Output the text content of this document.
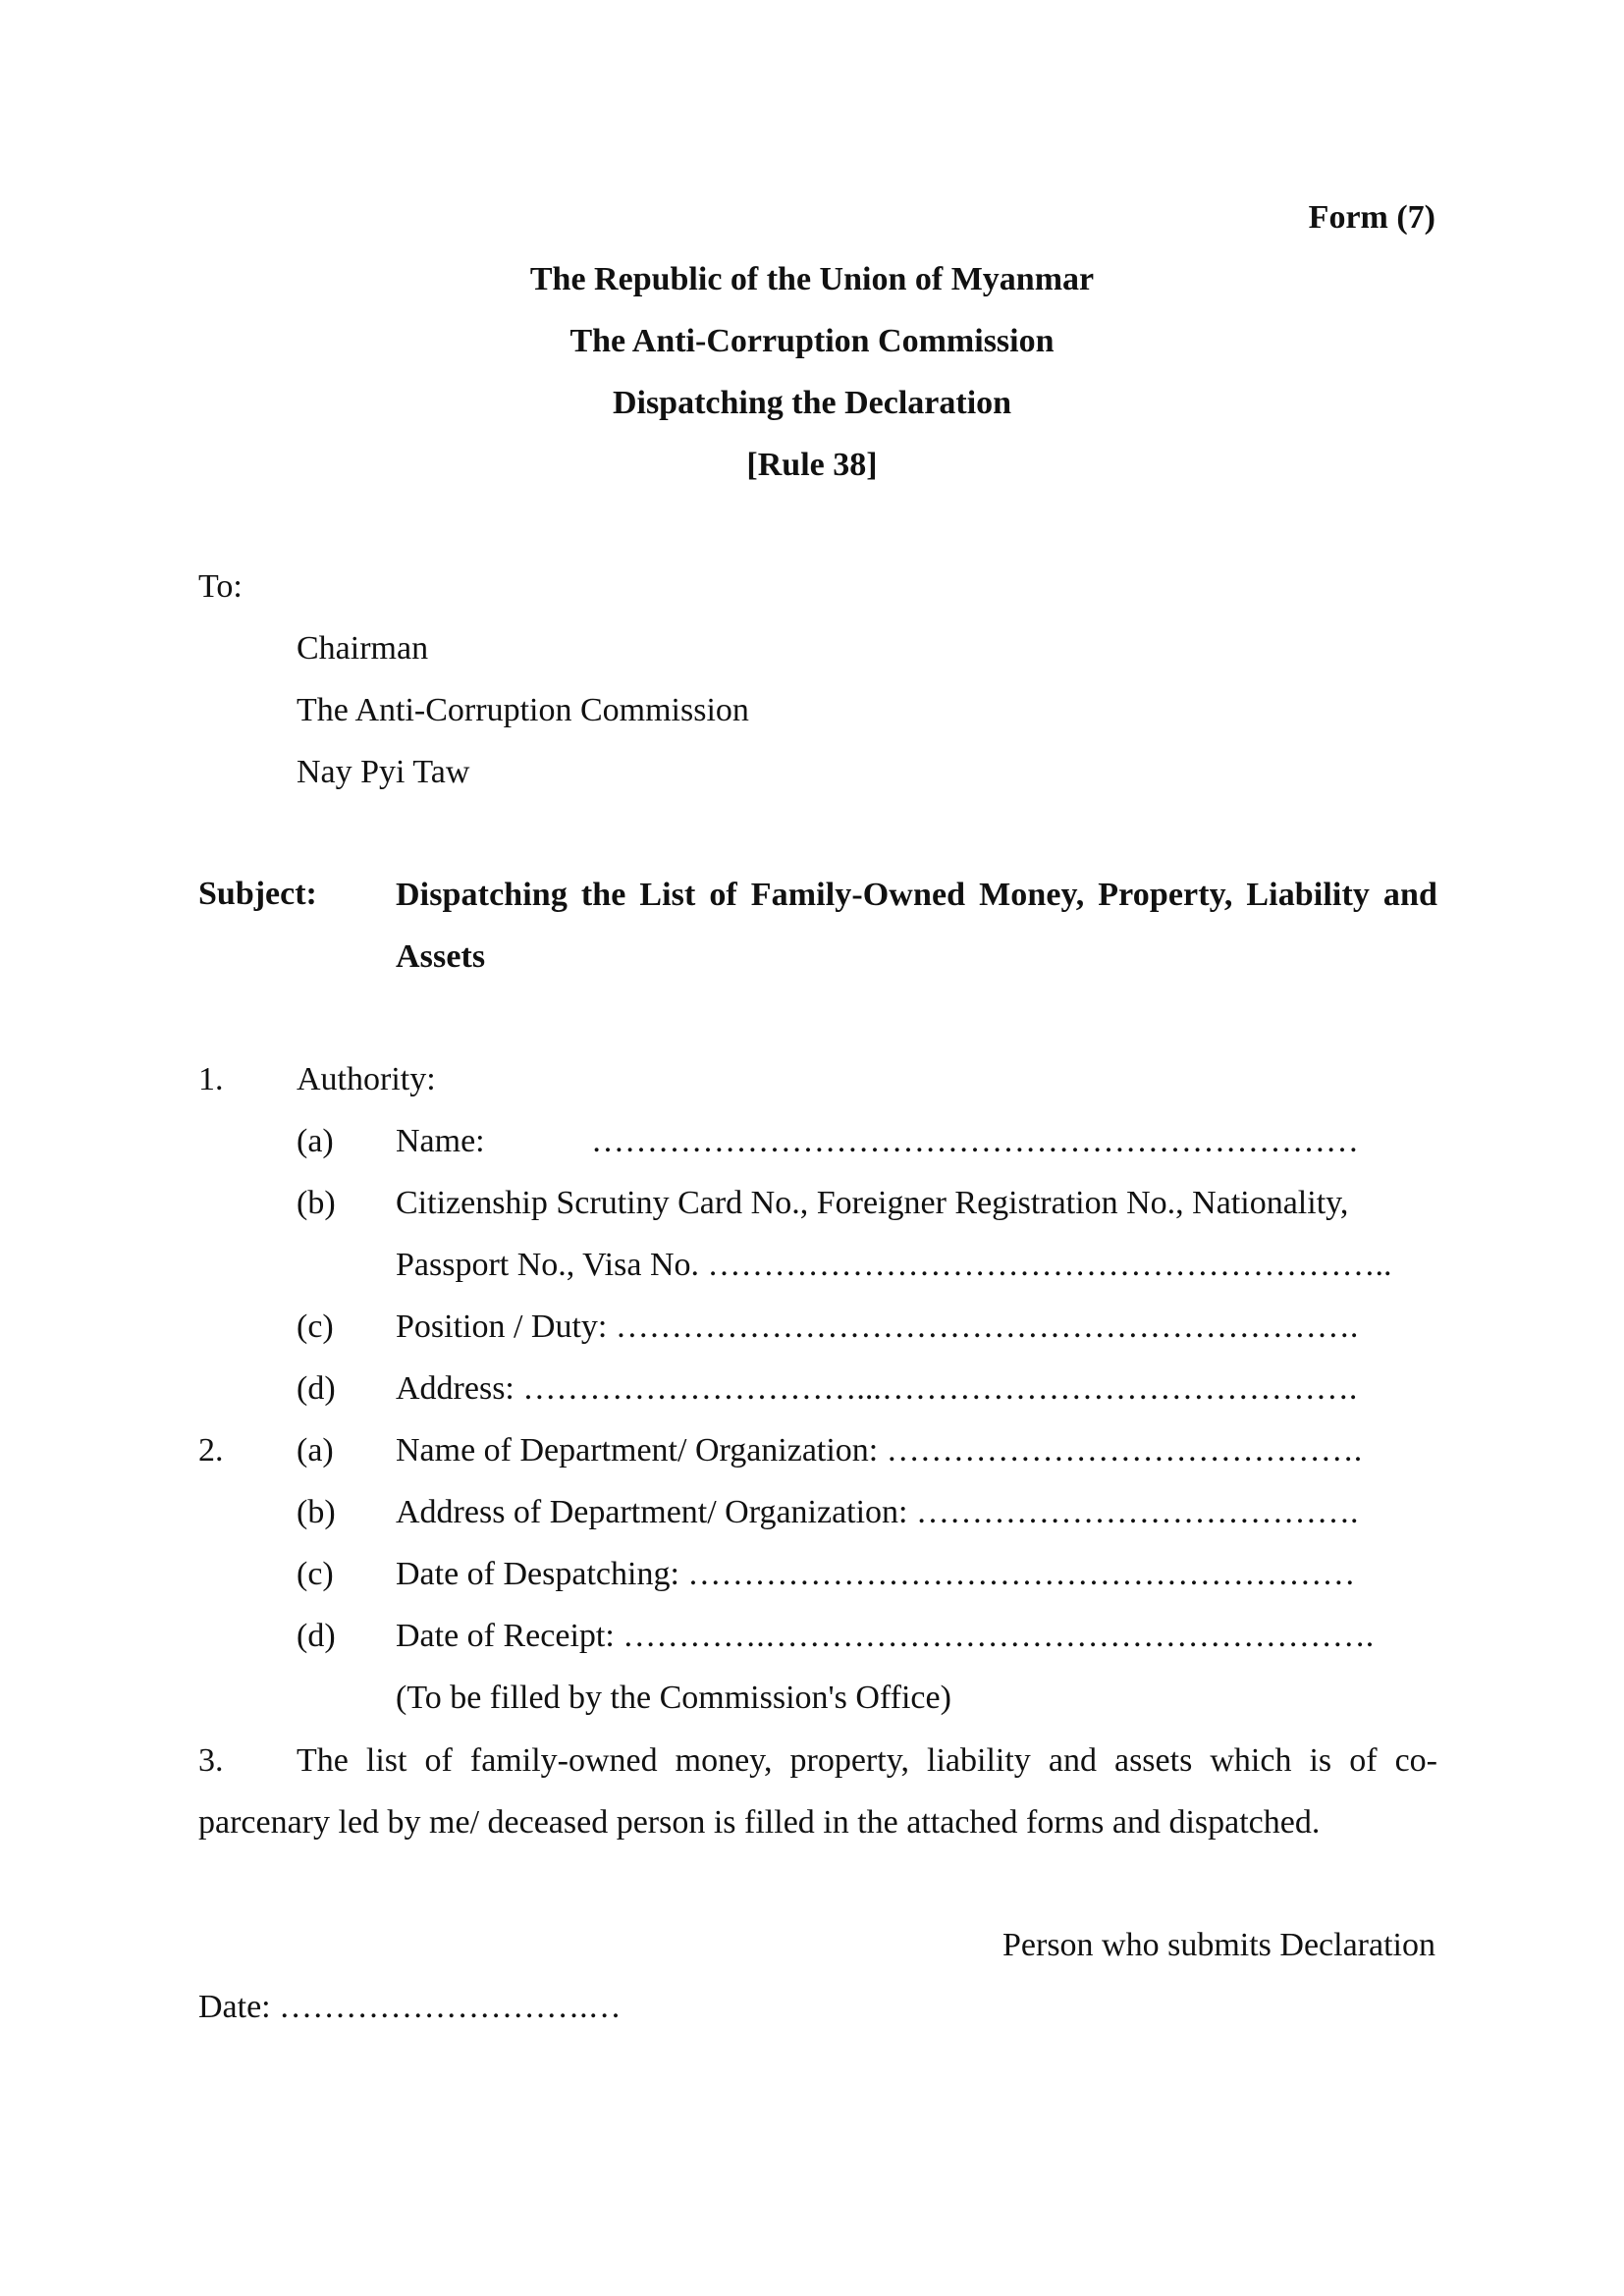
Form (7)
The Republic of the Union of Myanmar
The Anti-Corruption Commission
Dispatching the Declaration
[Rule 38]
To:
Chairman
The Anti-Corruption Commission
Nay Pyi Taw
Subject: Dispatching the List of Family-Owned Money, Property, Liability and Assets
1. Authority:
(a) Name:	……………………………………………………………
(b) Citizenship Scrutiny Card No., Foreigner Registration No., Nationality,
Passport No., Visa No. ……………………………………………………..
(c) Position / Duty: ………………………………………………………….
(d) Address: …………………………...…………………………………….
2. (a) Name of Department/ Organization: …………………………………….
(b) Address of Department/ Organization: ………………………………….
(c) Date of Despatching: ……………………………………………………
(d) Date of Receipt: ………….……………………………………………….
(To be filled by the Commission's Office)
3. The list of family-owned money, property, liability and assets which is of co-parcenary led by me/ deceased person is filled in the attached forms and dispatched.
Person who submits Declaration
Date: ……………………….…
